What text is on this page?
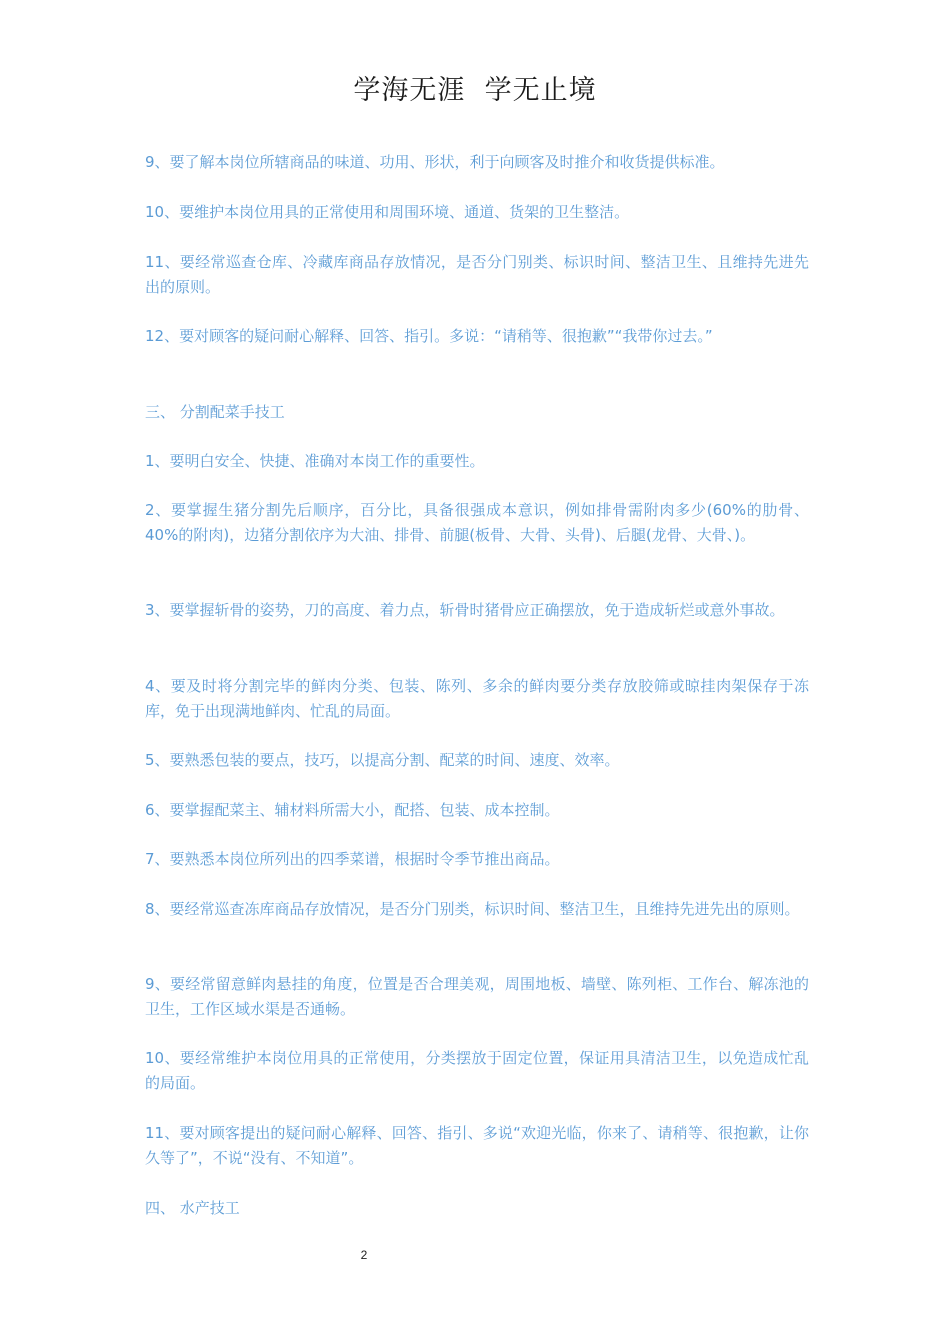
学海无涯  学无止境

9、要了解本岗位所辖商品的味道、功用、形状，利于向顾客及时推介和收货提供标准。

10、要维护本岗位用具的正常使用和周围环境、通道、货架的卫生整洁。

11、要经常巡查仓库、冷藏库商品存放情况，是否分门别类、标识时间、整洁卫生、且维持先进先出的原则。

12、要对顾客的疑问耐心解释、回答、指引。多说：“请稍等、很抱歉”“我带你过去。”

三、 分割配菜手技工

1、要明白安全、快捷、准确对本岗工作的重要性。

2、要掌握生猪分割先后顺序，百分比，具备很强成本意识，例如排骨需附肉多少(60%的肋骨、40%的附肉)，边猪分割依序为大油、排骨、前腿(板骨、大骨、头骨)、后腿(龙骨、大骨、)。

3、要掌握斩骨的姿势，刀的高度、着力点，斩骨时猪骨应正确摆放，免于造成斩烂或意外事故。

4、要及时将分割完毕的鲜肉分类、包装、陈列、多余的鲜肉要分类存放胶筛或晾挂肉架保存于冻库，免于出现满地鲜肉、忙乱的局面。

5、要熟悉包装的要点，技巧，以提高分割、配菜的时间、速度、效率。

6、要掌握配菜主、辅材料所需大小，配搭、包装、成本控制。

7、要熟悉本岗位所列出的四季菜谱，根据时令季节推出商品。

8、要经常巡查冻库商品存放情况，是否分门别类，标识时间、整洁卫生，且维持先进先出的原则。

9、要经常留意鲜肉悬挂的角度，位置是否合理美观，周围地板、墙壁、陈列柜、工作台、解冻池的卫生，工作区域水渠是否通畅。

10、要经常维护本岗位用具的正常使用，分类摆放于固定位置，保证用具清洁卫生，以免造成忙乱的局面。

11、要对顾客提出的疑问耐心解释、回答、指引、多说“欢迎光临，你来了、请稍等、很抱歉，让你久等了”，不说“没有、不知道”。

四、 水产技工

2
